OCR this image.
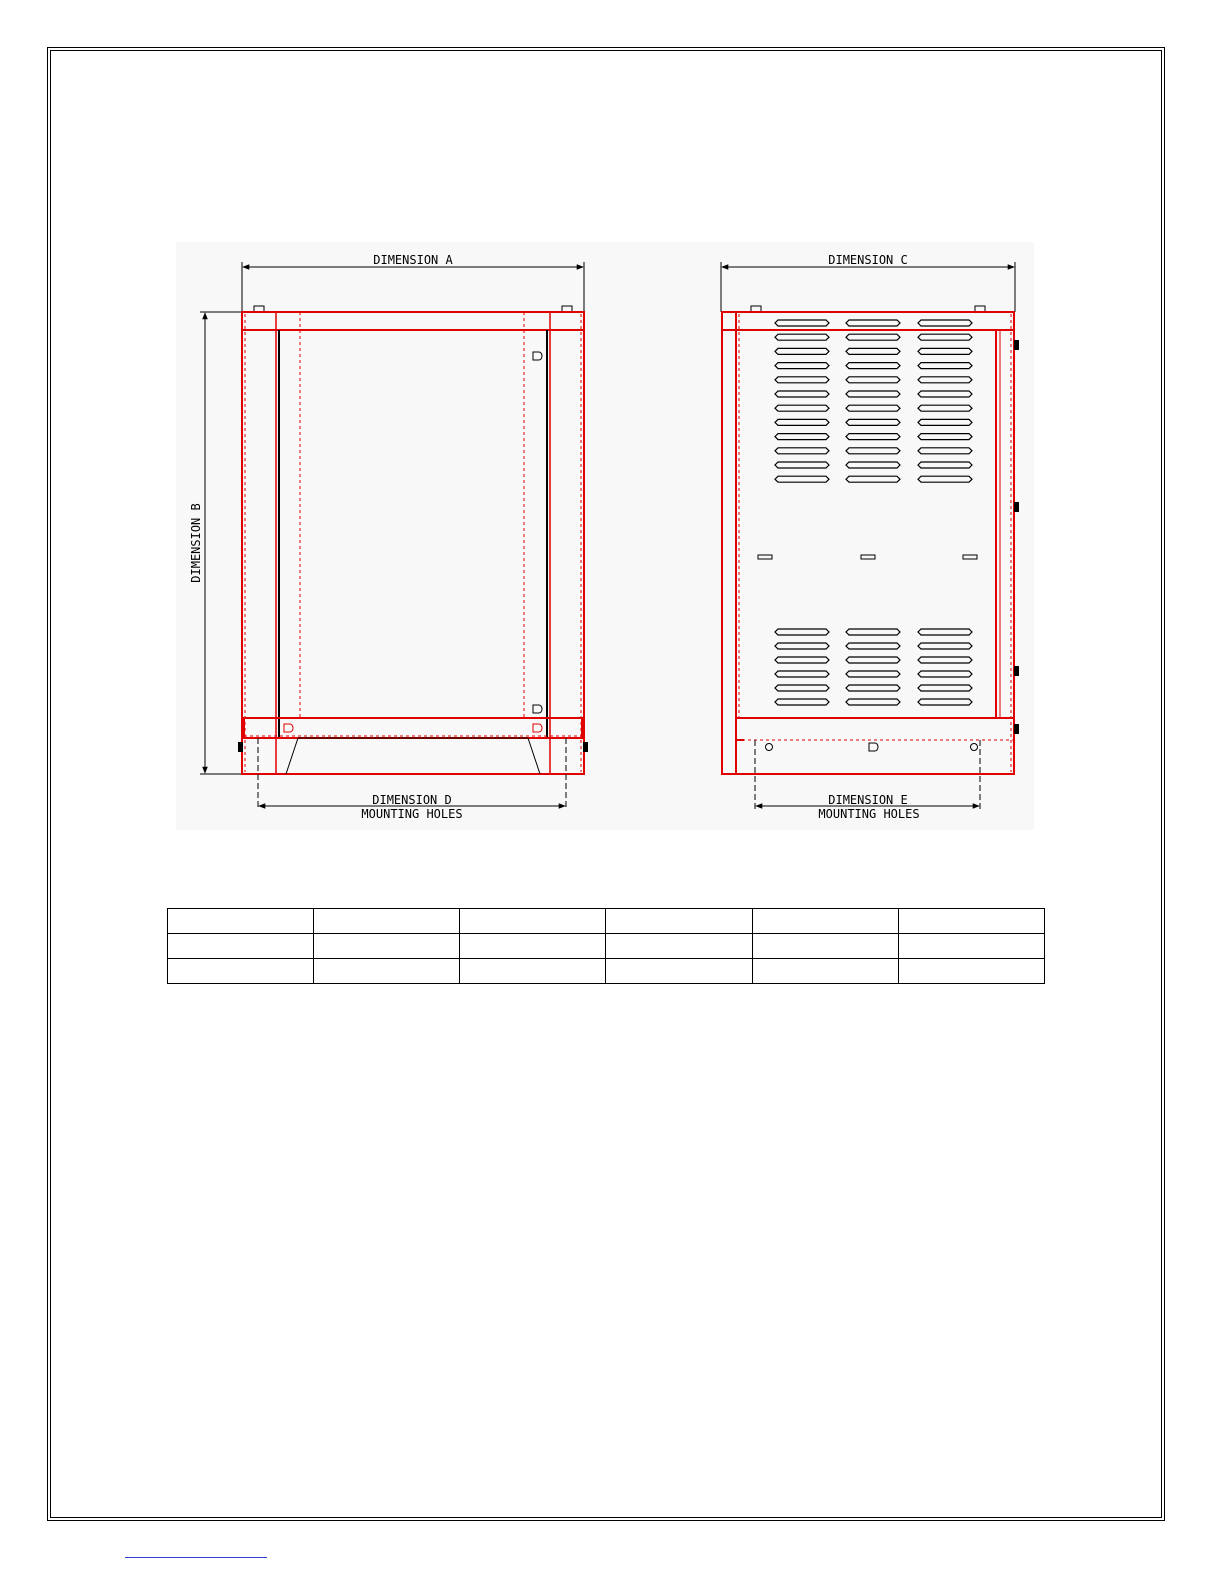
DIMENSION A
DIMENSION B
DIMENSION D
MOUNTING HOLES
DIMENSION C
DIMENSION E
MOUNTING HOLES
